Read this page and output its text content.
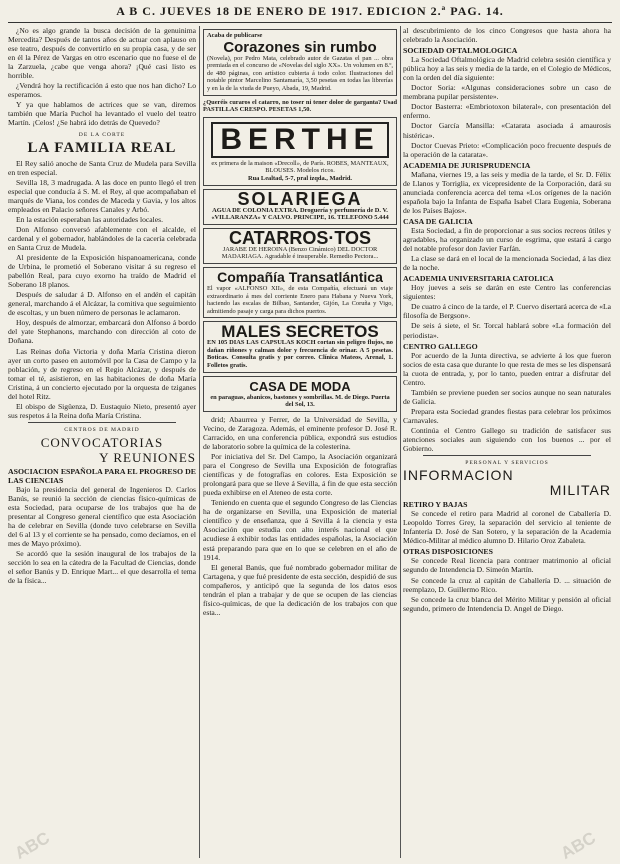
A B C. JUEVES 18 DE ENERO DE 1917. EDICION 2.ª PAG. 14.

¿No es algo grande la busca decisión de la genuinima Mercedita? Después de tantos años de actuar con aplauso en ese teatro, después de convertirlo en su propia casa, y de ser en él la Pérez de Vargas en otro escenario que no fuese el de la Zarzuela, ¿cabe que venga ahora? ¡Qué casi listo es horrible.

¿Vendrá hoy la rectificación á esto que nos han dicho? Lo esperamos.

Y ya que hablamos de actrices que se van, diremos también que María Puchol ha levantado el vuelo del teatro Martín. ¡Celos! ¿Se habrá ido detrás de Quevedo?

DE LA CORTE
LA FAMILIA REAL

El Rey salió anoche de Santa Cruz de Mudela para Sevilla en tren especial.

Sevilla 18, 3 madrugada. A las doce en punto llegó el tren especial que conducía á S. M. el Rey, al que acompañaban el marqués de Viana, los condes de Maceda y Gavia, y los altos empleados en Palacio señores Canales y Arbó.

En la estación esperaban las autoridades locales.

Don Alfonso conversó afablemente con el alcalde, el cardenal y el gobernador, hablándoles de la cacería celebrada en Santa Cruz de Mudela.

Al presidente de la Exposición hispanoamericana, conde de Urbina, le prometió el Soberano visitar á su regreso el pabellón Real, para cuyo exorno ha traído de Madrid el Soberano 18 planos.

Después de saludar á D. Alfonso en el andén el capitán general, marchando á el Alcázar, la comitiva que seguimiento de escoltas, y un buen número de personas le aclamaron.

Hoy, después de almorzar, embarcará don Alfonso á bordo del yate Stephanons, marchando con dirección al coto de Doñana.

Las Reinas doña Victoria y doña María Cristina dieron ayer un corto paseo en automóvil por la Casa de Campo y la población, y de regreso en el Regio Alcázar, y después de tomar el té, asistieron, en las habitaciones de doña María Cristina, á un concierto ejecutado por la orquesta de tziganes del hotel Ritz.

El obispo de Sigüenza, D. Eustaquio Nieto, presentó ayer sus respetos á la Reina doña María Cristina.

CENTROS DE MADRID
CONVOCATORIAS
Y REUNIONES

ASOCIACION ESPAÑOLA PARA EL PROGRESO DE LAS CIENCIAS

Bajo la presidencia del general de Ingenieros D. Carlos Banús, se reunió la sección de ciencias físico-químicas de esta Sociedad, para ocuparse de los trabajos que ha de presentar al Congreso general científico que esta Asociación ha de celebrar en Sevilla (donde tuvo celebrarse en Sevilla del 6 al 13 y el corriente se ha pensado, como decíamos, en el mes de Mayo próximo).

Se acordó que la sesión inaugural de los trabajos de la sección lo sea en la cátedra de la Facultad de Ciencias, donde el señor Banús y D. Enrique Mart... el que desarrolla el tema de la física...

Acaba de publicarse
Corazones sin rumbo
(Novela), por Pedro Mata, celebrado autor de Gazatas el pan ... obra premiada en el concurso de «Novelas del siglo XX». Un volumen en 8.º, de 480 páginas, con artístico cubierta á todo color. Ilustraciones del notable pintor Marcelino Santamaría, 3,50 pesetas en todas las librerías y en la de la viuda de Pueyo, Abada, 19, Madrid.
¿Queréis curaros el catarro, no toser ni tener dolor de garganta? Usad PASTILLAS CRESPO. PESETAS 1,50.
BERTHE
ex primera de la maison «Drecoll», de París. ROBES, MANTEAUX, BLOUSES. Modelos ricos.
Rua Lealtad, 5-7, pral izqda., Madrid.
SOLARIEGA
AGUA DE COLONIA EXTRA. Droguería y perfumería de D. V. «VILLARANZA» Y CALVO. PRINCIPE, 16. TELEFONO 5.444
CATARROS·TOS
JARABE DE HEROINA (Benzo Cinámico) DEL DOCTOR MADARIAGA. Agradable é insuperable. Remedio Pectora...
Compañía Transatlántica
El vapor «ALFONSO XII», de esta Compañía, efectuará un viaje extraordinario á mes del corriente Enero para Habana y Nueva York, haciendo las escalas de Bilbao, Santander, Gijón, La Coruña y Vigo, admitiendo pasaje y carga para dichos puertos.
MALES SECRETOS
EN 105 DIAS LAS CAPSULAS KOCH cortan sin peligro flujos, no dañan riñones y calman dolor y frecuencia de orinar. A 5 pesetas. Boticas. Consulta gratis y por correo. Clínica Mateos, Arenal, 1. Folletos gratis.
CASA DE MODA
en paraguas, abanicos, bastones y sombrillas. M. de Diego. Puerta del Sol, 13.

drid; Abaurrea y Ferrer, de la Universidad de Sevilla, y Vecino, de Zaragoza. Además, el eminente profesor D. José R. Carracido, en una conferencia pública, expondrá sus estudios de laboratorio sobre la química de la colesterina.

Por iniciativa del Sr. Del Campo, la Asociación organizará para el Congreso de Sevilla una Exposición de fotografías científicas y de fotografías en colores. Esta Exposición se prolongará para que se lleve á Sevilla, á fin de que esta sección pueda exhibirse en el Ateneo de esta corte.

Teniendo en cuenta que el segundo Congreso de las Ciencias ha de organizarse en Sevilla, una Exposición de material científico y de enseñanza, que á Sevilla á la ciencia y esta Asociación que estudia con alto interés nacional el que acudiese á exhibir todas las entidades españolas, la Asociación está preparando para que en lo que se celebren en el año de 1914.

El general Banús, que fué nombrado gobernador militar de Cartagena, y que fué presidente de esta sección, despidió de sus compañeros, y anticipó que la segunda de los datos esos tendrán el plan a trabajar y de que se ocupen de las ciencias físico-químicas, de que la dedicación de los trabajos con que esta...

al descubrimiento de los cinco Congresos que hasta ahora ha celebrado la Asociación.

SOCIEDAD OFTALMOLOGICA

La Sociedad Oftalmológica de Madrid celebra sesión científica y pública hoy a las seis y media de la tarde, en el Colegio de Médicos, con la orden del día siguiente:

Doctor Soria: «Algunas consideraciones sobre un caso de membrana pupilar persistente».

Doctor Basterra: «Embriotoxon bilateral», con presentación del enfermo.

Doctor García Mansilla: «Catarata asociada á amaurosis histérica».

Doctor Cuevas Prieto: «Complicación poco frecuente después de la operación de la catarata».

ACADEMIA DE JURISPRUDENCIA

Mañana, viernes 19, a las seis y media de la tarde, el Sr. D. Félix de Llanos y Torriglia, ex vicepresidente de la Corporación, dará su anunciada conferencia acerca del tema «Los orígenes de la nación española bajo la Infanta de España Isabel Clara Eugenia, Soberana de los Países Bajos».

CASA DE GALICIA

Esta Sociedad, a fin de proporcionar a sus socios recreos útiles y agradables, ha organizado un curso de esgrima, que estará á cargo del notable profesor don Javier Farfán.

La clase se dará en el local de la mencionada Sociedad, á las diez de la noche.

ACADEMIA UNIVERSITARIA CATOLICA

Hoy jueves a seis se darán en este Centro las conferencias siguientes:

De cuatro á cinco de la tarde, el P. Cuervo disertará acerca de «La filosofía de Bergson».

De seis á siete, el Sr. Torcal hablará sobre «La formación del periodista».

CENTRO GALLEGO

Por acuerdo de la Junta directiva, se advierte á los que fueron socios de esta casa que durante lo que resta de mes se les dispensará la cuota de entrada, y, por lo tanto, pueden entrar a disfrutar del Centro.

También se previene pueden ser socios aunque no sean naturales de Galicia.

Prepara esta Sociedad grandes fiestas para celebrar los próximos Carnavales.

Continúa el Centro Gallego su tradición de satisfacer sus atenciones sociales aun siguiendo con los buenos ... por el Gobierno.

PERSONAL Y SERVICIOS
INFORMACION
MILITAR

RETIRO Y BAJAS

Se concede el retiro para Madrid al coronel de Caballería D. Leopoldo Torres Grey, la separación del servicio al teniente de Infantería D. José de San Sotero, y la separación de la Academia Médico-Militar al médico alumno D. Hilario Oroz Zabaleta.

OTRAS DISPOSICIONES

Se concede Real licencia para contraer matrimonio al oficial segundo de Intendencia D. Simeón Martín.

Se concede la cruz al capitán de Caballería D. ... situación de reemplazo, D. Guillermo Rico.

Se concede la cruz blanca del Mérito Militar y pensión al oficial segundo, primero de Intendencia D. Angel de Diego.

ABC	ABC
